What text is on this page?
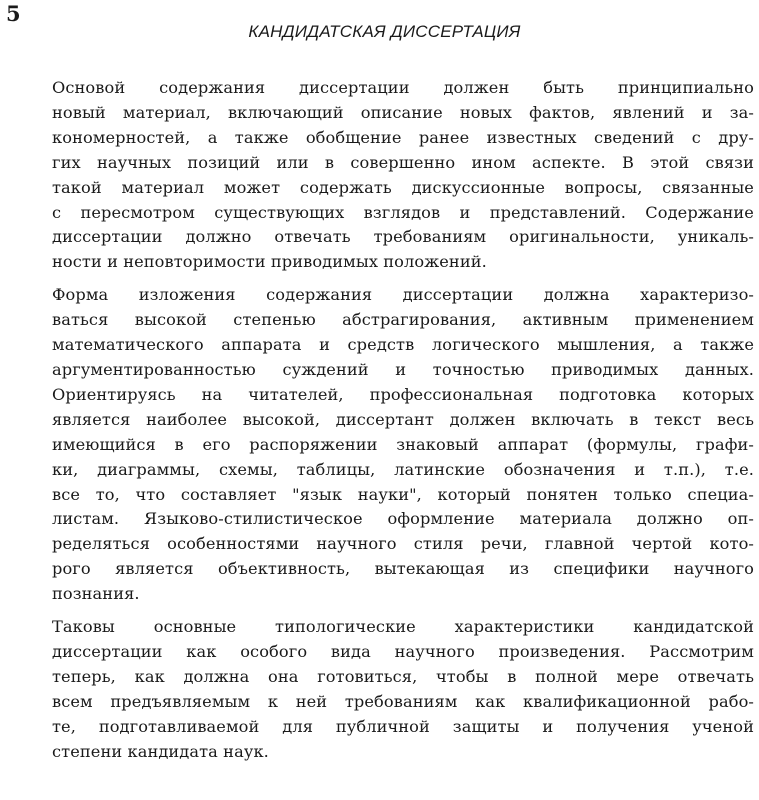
5
КАНДИДАТСКАЯ ДИССЕРТАЦИЯ
Основой содержания диссертации должен быть принципиально
новый материал, включающий описание новых фактов, явлений и за-
кономерностей, а также обобщение ранее известных сведений с дру-
гих научных позиций или в совершенно ином аспекте. В этой связи
такой материал может содержать дискуссионные вопросы, связанные
с пересмотром существующих взглядов и представлений. Содержание
диссертации должно отвечать требованиям оригинальности, уникаль-
ности и неповторимости приводимых положений.
Форма изложения содержания диссертации должна характеризо-
ваться высокой степенью абстрагирования, активным применением
математического аппарата и средств логического мышления, а также
аргументированностью суждений и точностью приводимых данных.
Ориентируясь на читателей, профессиональная подготовка которых
является наиболее высокой, диссертант должен включать в текст весь
имеющийся в его распоряжении знаковый аппарат (формулы, графи-
ки, диаграммы, схемы, таблицы, латинские обозначения и т.п.), т.е.
все то, что составляет "язык науки", который понятен только специа-
листам. Языково-стилистическое оформление материала должно оп-
ределяться особенностями научного стиля речи, главной чертой кото-
рого является объективность, вытекающая из специфики научного
познания.
Таковы основные типологические характеристики кандидатской
диссертации как особого вида научного произведения. Рассмотрим
теперь, как должна она готовиться, чтобы в полной мере отвечать
всем предъявляемым к ней требованиям как квалификационной рабо-
те, подготавливаемой для публичной защиты и получения ученой
степени кандидата наук.
